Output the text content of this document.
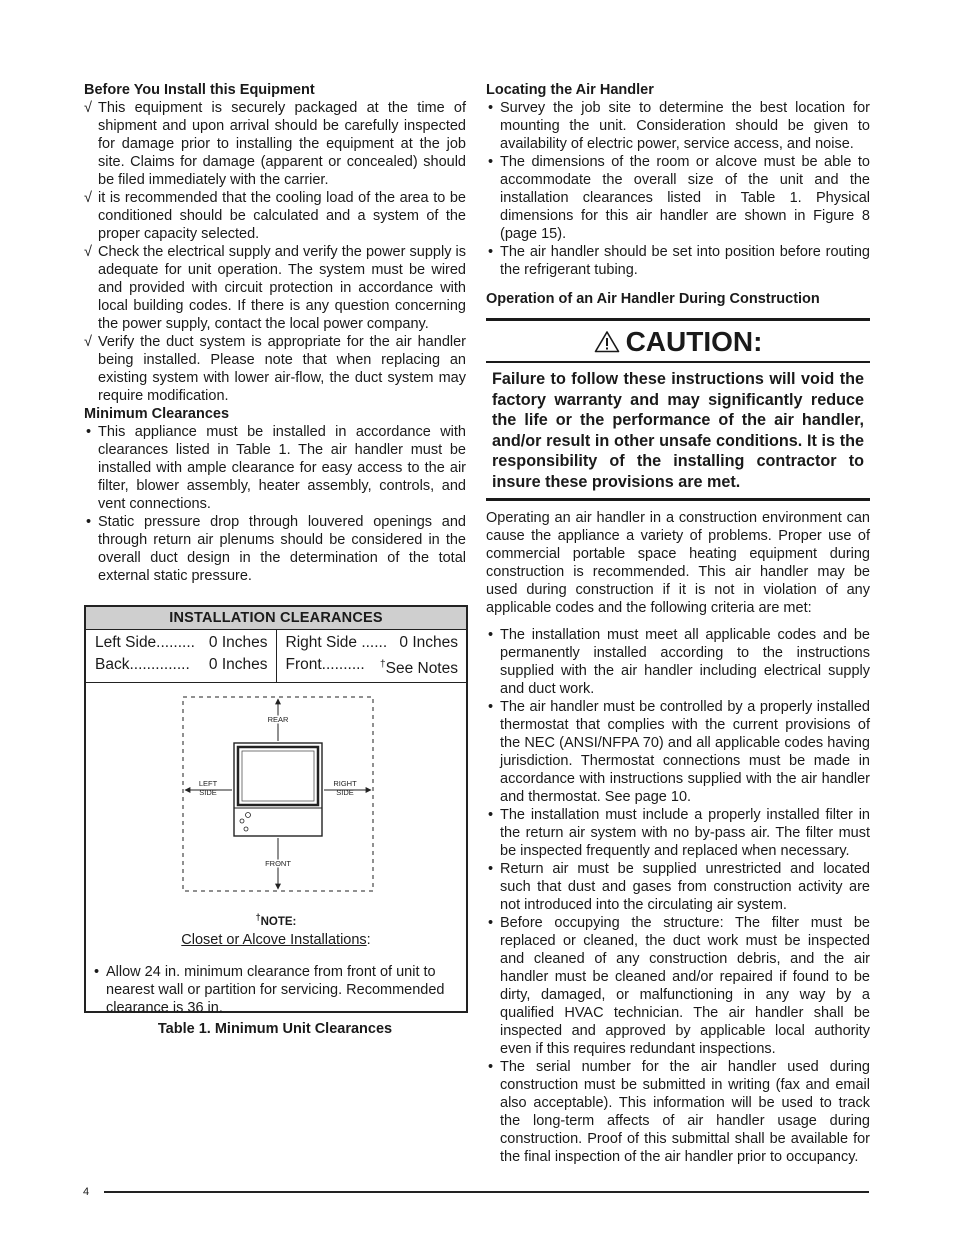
Before You Install this Equipment

√ This equipment is securely packaged at the time of shipment and upon arrival should be carefully inspected for damage prior to installing the equipment at the job site. Claims for damage (apparent or concealed) should be filed immediately with the carrier.
√ it is recommended that the cooling load of the area to be conditioned should be calculated and a system of the proper capacity selected.
√ Check the electrical supply and verify the power supply is adequate for unit operation. The system must be wired and provided with circuit protection in accordance with local building codes. If there is any question concerning the power supply, contact the local power company.
√ Verify the duct system is appropriate for the air handler being installed. Please note that when replacing an existing system with lower air-flow, the duct system may require modification.

Minimum Clearances

• This appliance must be installed in accordance with clearances listed in Table 1. The air handler must be installed with ample clearance for easy access to the air filter, blower assembly, heater assembly, controls, and vent connections.
• Static pressure drop through louvered openings and through return air plenums should be considered in the overall duct design in the determination of the total external static pressure.
INSTALLATION CLEARANCES
Left Side......... 0 Inches
Back.............. 0 Inches
Right Side ...... 0 Inches
Front.......... †See Notes
REAR
FRONT
LEFT
SIDE
RIGHT
SIDE
†NOTE:
Closet or Alcove Installations:
• Allow 24 in. minimum clearance from front of unit to nearest wall or partition for servicing. Recommended clearance is 36 in.
Table 1. Minimum Unit Clearances

Locating the Air Handler

• Survey the job site to determine the best location for mounting the unit. Consideration should be given to availability of electric power, service access, and noise.
• The dimensions of the room or alcove must be able to accommodate the overall size of the unit and the installation clearances listed in Table 1. Physical dimensions for this air handler are shown in Figure 8 (page 15).
• The air handler should be set into position before routing the refrigerant tubing.

Operation of an Air Handler During Construction

CAUTION:
Failure to follow these instructions will void the factory warranty and may significantly reduce the life or the performance of the air handler, and/or result in other unsafe conditions. It is the responsibility of the installing contractor to insure these provisions are met.

Operating an air handler in a construction environment can cause the appliance a variety of problems. Proper use of commercial portable space heating equipment during construction is recommended. This air handler may be used during construction if it is not in violation of any applicable codes and the following criteria are met:

• The installation must meet all applicable codes and be permanently installed according to the instructions supplied with the air handler including electrical supply and duct work.
• The air handler must be controlled by a properly installed thermostat that complies with the current provisions of the NEC (ANSI/NFPA 70) and all applicable codes having jurisdiction. Thermostat connections must be made in accordance with instructions supplied with the air handler and thermostat. See page 10.
• The installation must include a properly installed filter in the return air system with no by-pass air. The filter must be inspected frequently and replaced when necessary.
• Return air must be supplied unrestricted and located such that dust and gases from construction activity are not introduced into the circulating air system.
• Before occupying the structure: The filter must be replaced or cleaned, the duct work must be inspected and cleaned of any construction debris, and the air handler must be cleaned and/or repaired if found to be dirty, damaged, or malfunctioning in any way by a qualified HVAC technician. The air handler shall be inspected and approved by applicable local authority even if this requires redundant inspections.
• The serial number for the air handler used during construction must be submitted in writing (fax and email also acceptable). This information will be used to track the long-term affects of air handler usage during construction. Proof of this submittal shall be available for the final inspection of the air handler prior to occupancy.
4
